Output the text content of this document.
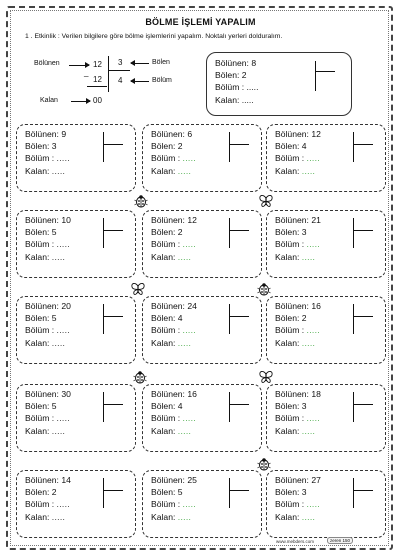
BÖLME İŞLEMİ YAPALIM
1 . Etkinlik : Verilen bilgilere göre bölme işlemlerini yapalım. Noktalı yerleri dolduralım.
Bölünen	12 3	Bölen
_
12 4	Bölüm
Kalan	00
Bölünen: 8
Bölen: 2
Bölüm : .....
Kalan: .....
Bölünen: 9
Bölen: 3
Bölüm : .....
Kalan: .....
Bölünen: 6
Bölen: 2
Bölüm : .....
Kalan: .....
Bölünen: 12
Bölen: 4
Bölüm : .....
Kalan: .....
Bölünen: 10
Bölen: 5
Bölüm : .....
Kalan: .....
Bölünen: 12
Bölen: 2
Bölüm : .....
Kalan: .....
Bölünen: 21
Bölen: 3
Bölüm : .....
Kalan: .....
Bölünen: 20
Bölen: 5
Bölüm : .....
Kalan: .....
Bölünen: 24
Bölen: 4
Bölüm : .....
Kalan: .....
Bölünen: 16
Bölen: 2
Bölüm : .....
Kalan: .....
Bölünen: 30
Bölen: 5
Bölüm : .....
Kalan: .....
Bölünen: 16
Bölen: 4
Bölüm : .....
Kalan: .....
Bölünen: 18
Bölen: 3
Bölüm : .....
Kalan: .....
Bölünen: 14
Bölen: 2
Bölüm : .....
Kalan: .....
Bölünen: 25
Bölen: 5
Bölüm : .....
Kalan: .....
Bölünen: 27
Bölen: 3
Bölüm : .....
Kalan: .....
www.mebders.com	zeren 150
